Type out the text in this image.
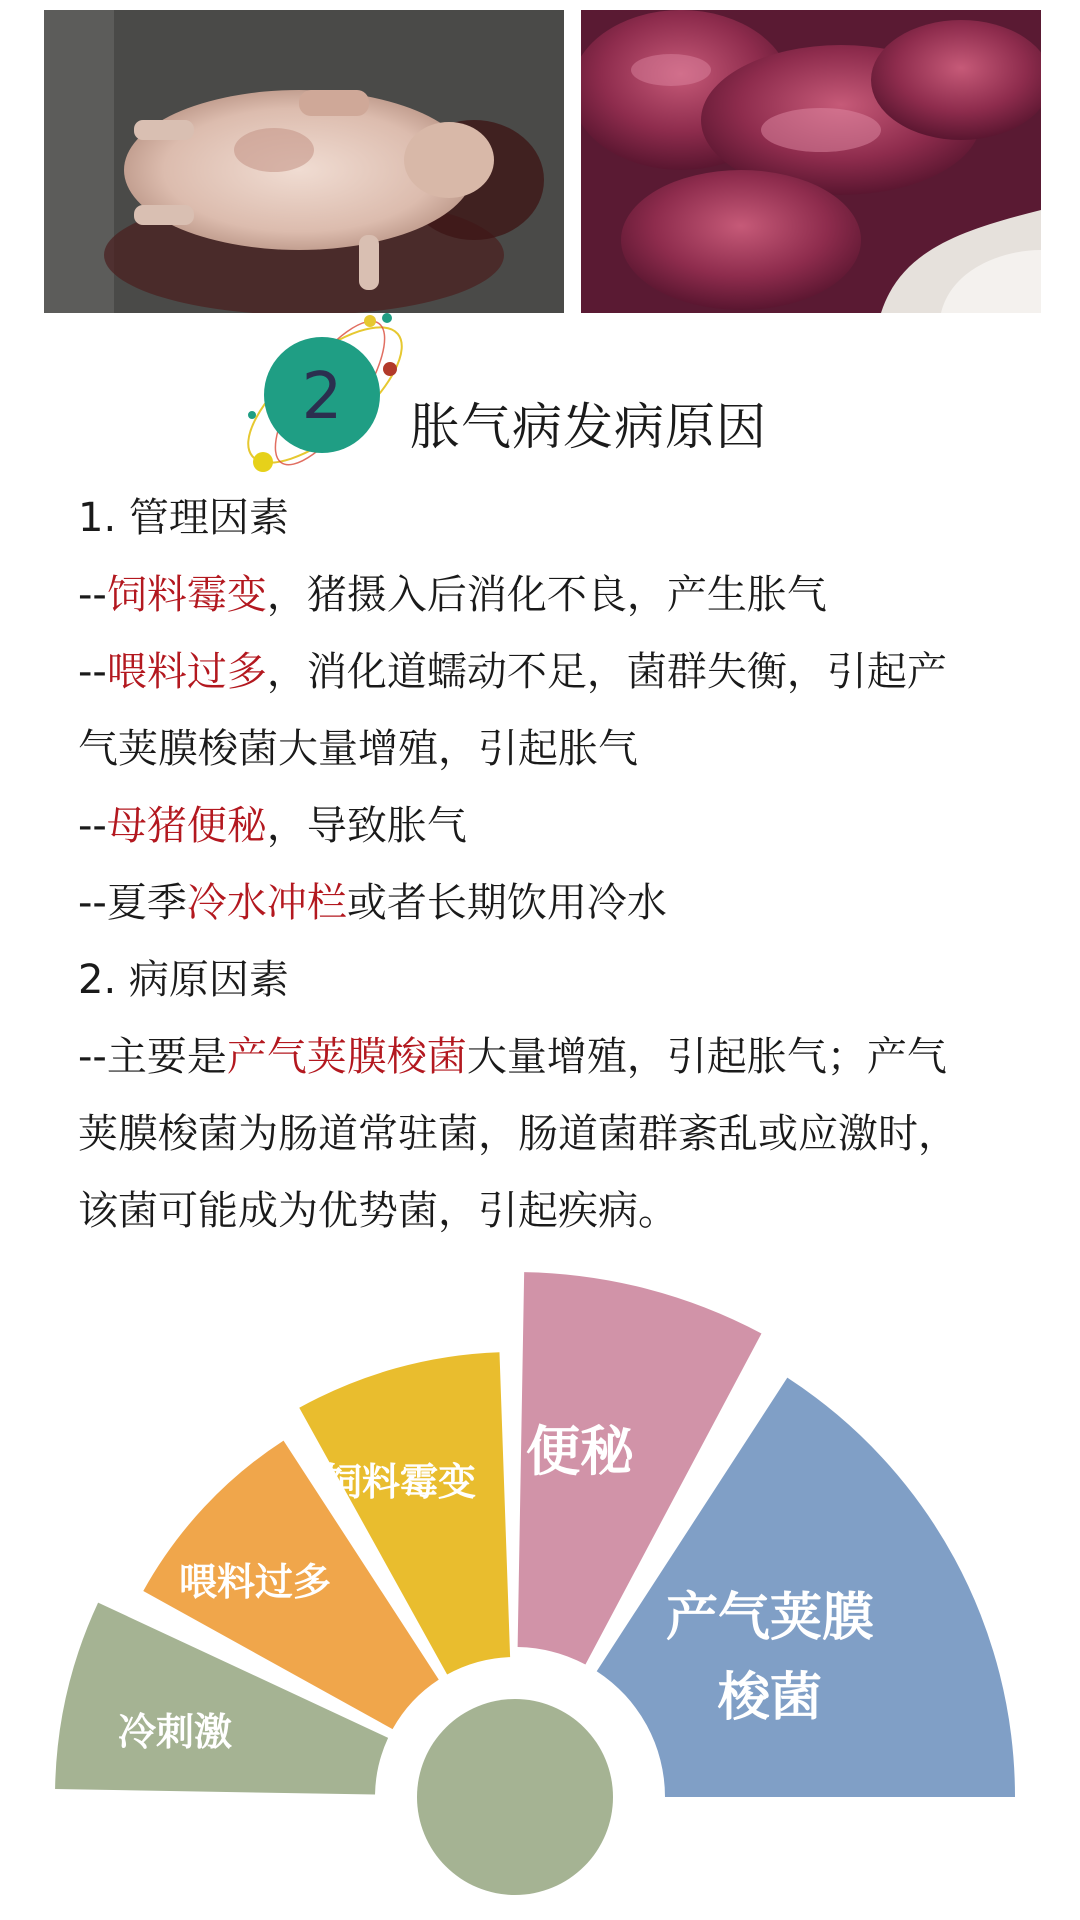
2 胀气病发病原因
1. 管理因素
--饲料霉变，猪摄入后消化不良，产生胀气
--喂料过多，消化道蠕动不足，菌群失衡，引起产
气荚膜梭菌大量增殖，引起胀气
--母猪便秘，导致胀气
--夏季冷水冲栏或者长期饮用冷水
2. 病原因素
--主要是产气荚膜梭菌大量增殖，引起胀气；产气
荚膜梭菌为肠道常驻菌，肠道菌群紊乱或应激时，
该菌可能成为优势菌，引起疾病。
冷刺激
喂料过多
饲料霉变 便秘
产气荚膜梭菌
